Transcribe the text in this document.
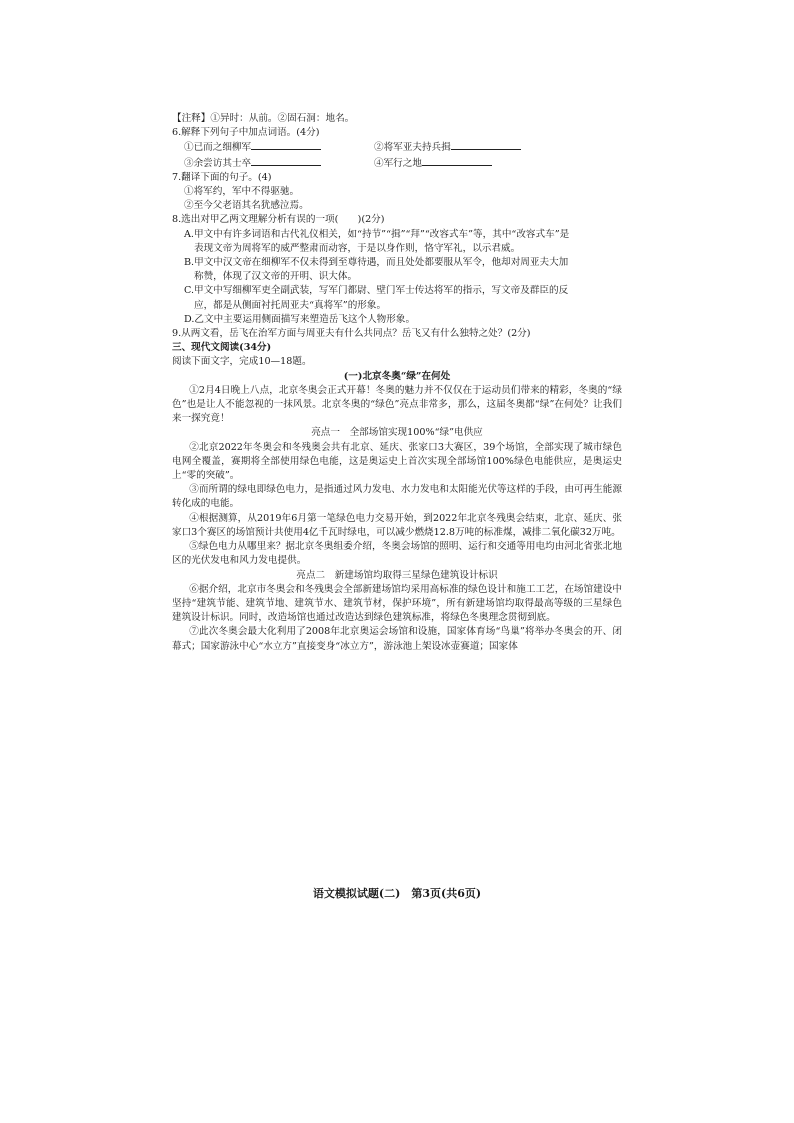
【注释】①异时：从前。②固石洞：地名。
6.解释下列句子中加点词语。(4分)
①已而之细柳军	②将军亚夫持兵揖
③余尝访其士卒	④军行之地
7.翻译下面的句子。(4)
①将军约，军中不得驱驰。
②至今父老语其名犹感泣焉。
8.选出对甲乙两文理解分析有误的一项(　　)(2分)
A.甲文中有许多词语和古代礼仪相关，如“持节”“揖”“拜”“改容式车”等，其中“改容式车”是
表现文帝为周将军的威严整肃而动容，于是以身作则，恪守军礼，以示君威。
B.甲文中汉文帝在细柳军不仅未得到至尊待遇，而且处处都要服从军令，他却对周亚夫大加
称赞，体现了汉文帝的开明、识大体。
C.甲文中写细柳军吏全副武装，写军门都尉、壁门军士传达将军的指示，写文帝及群臣的反
应，都是从侧面衬托周亚夫“真将军”的形象。
D.乙文中主要运用侧面描写来塑造岳飞这个人物形象。
9.从两文看，岳飞在治军方面与周亚夫有什么共同点？岳飞又有什么独特之处？(2分)
三、现代文阅读(34分)
阅读下面文字，完成10—18题。
(一)北京冬奥“绿”在何处
①2月4日晚上八点，北京冬奥会正式开幕！冬奥的魅力并不仅仅在于运动员们带来的精彩，冬奥的“绿色”也是让人不能忽视的一抹风景。北京冬奥的“绿色”亮点非常多，那么，这届冬奥都“绿”在何处？让我们来一探究竟！
亮点一　全部场馆实现100%“绿”电供应
②北京2022年冬奥会和冬残奥会共有北京、延庆、张家口3大赛区，39个场馆，全部实现了城市绿色电网全覆盖，赛期将全部使用绿色电能，这是奥运史上首次实现全部场馆100%绿色电能供应，是奥运史上“零的突破”。
③而所谓的绿电即绿色电力，是指通过风力发电、水力发电和太阳能光伏等这样的手段，由可再生能源转化成的电能。
④根据测算，从2019年6月第一笔绿色电力交易开始，到2022年北京冬残奥会结束，北京、延庆、张家口3个赛区的场馆预计共使用4亿千瓦时绿电，可以减少燃烧12.8万吨的标准煤，减排二氧化碳32万吨。
⑤绿色电力从哪里来？据北京冬奥组委介绍，冬奥会场馆的照明、运行和交通等用电均由河北省张北地区的光伏发电和风力发电提供。
亮点二　新建场馆均取得三星绿色建筑设计标识
⑥据介绍，北京市冬奥会和冬残奥会全部新建场馆均采用高标准的绿色设计和施工工艺，在场馆建设中坚持“建筑节能、建筑节地、建筑节水、建筑节材，保护环境”，所有新建场馆均取得最高等级的三星绿色建筑设计标识。同时，改造场馆也通过改造达到绿色建筑标准，将绿色冬奥理念贯彻到底。
⑦此次冬奥会最大化利用了2008年北京奥运会场馆和设施，国家体育场“鸟巢”将举办冬奥会的开、闭幕式；国家游泳中心“水立方”直接变身“冰立方”，游泳池上架设冰壶赛道；国家体
语文模拟试题(二)　第3页(共6页)
